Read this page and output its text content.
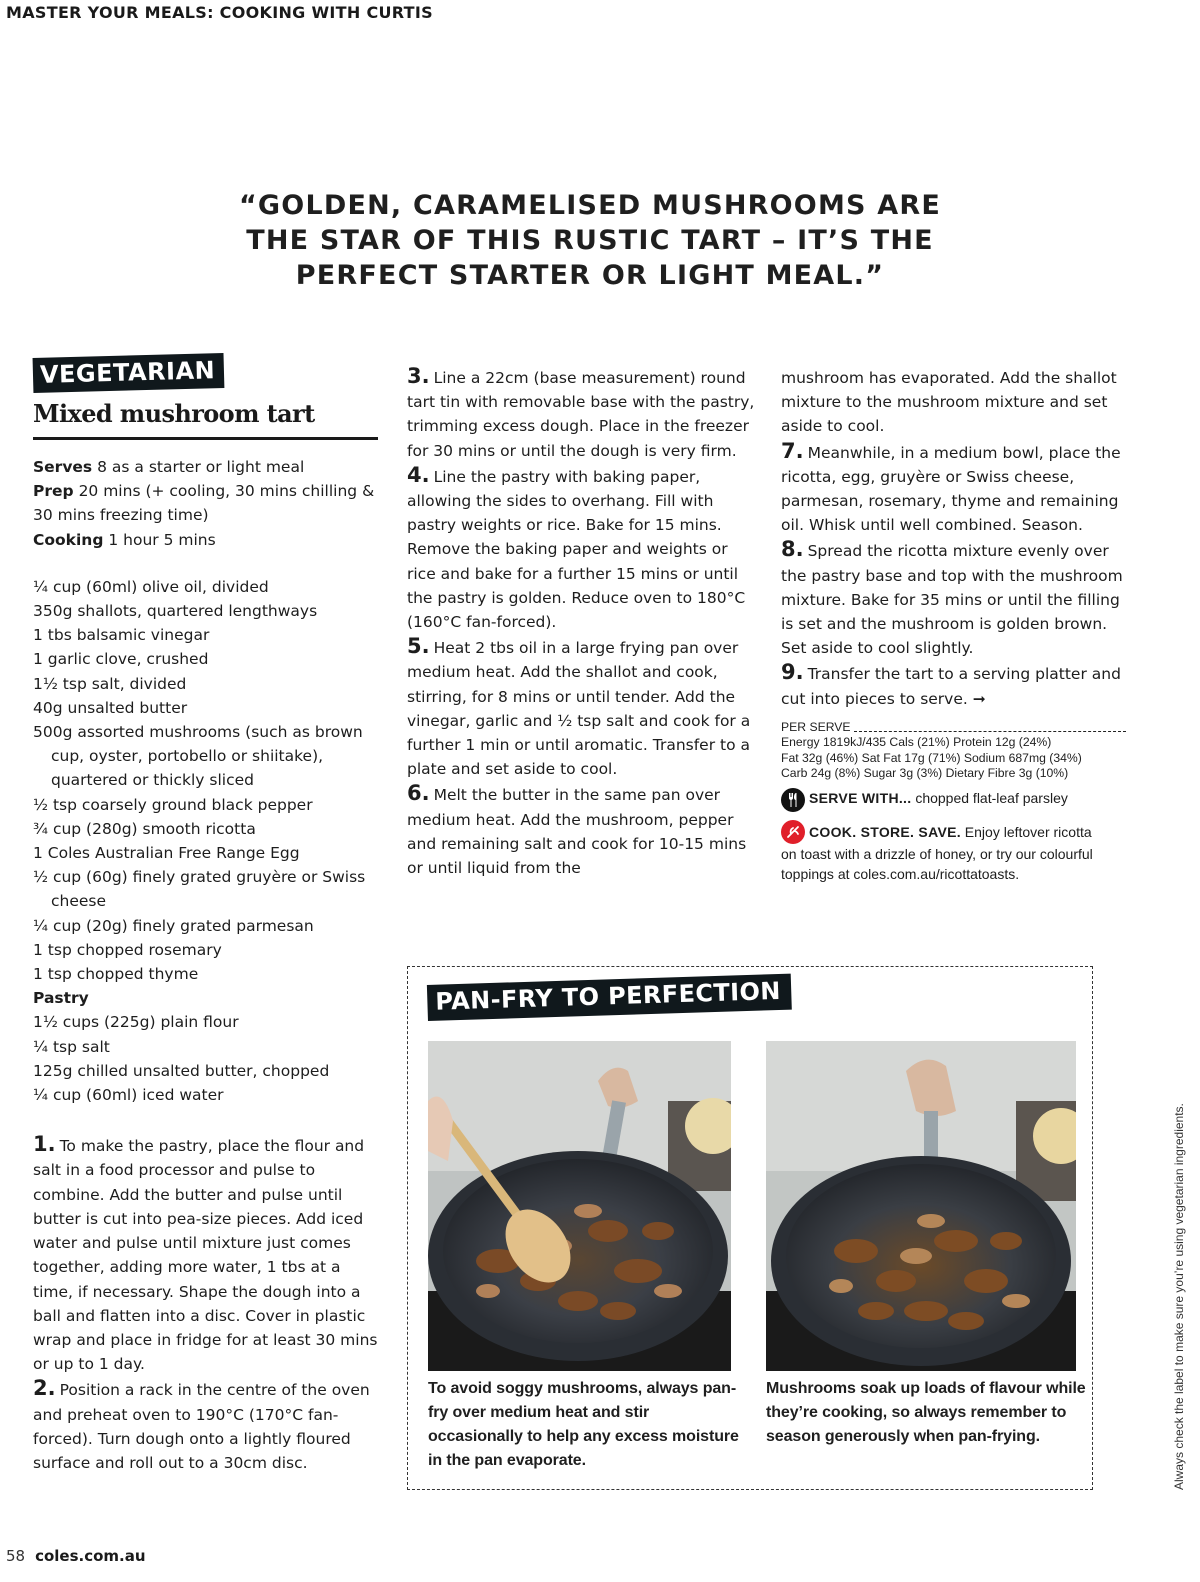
MASTER YOUR MEALS: COOKING WITH CURTIS
“GOLDEN, CARAMELISED MUSHROOMS ARE
THE STAR OF THIS RUSTIC TART – IT’S THE
PERFECT STARTER OR LIGHT MEAL.”
VEGETARIAN
Mixed mushroom tart
Serves 8 as a starter or light meal
Prep 20 mins (+ cooling, 30 mins chilling & 30 mins freezing time)
Cooking 1 hour 5 mins
¼ cup (60ml) olive oil, divided
350g shallots, quartered lengthways
1 tbs balsamic vinegar
1 garlic clove, crushed
1½ tsp salt, divided
40g unsalted butter
500g assorted mushrooms (such as brown cup, oyster, portobello or shiitake), quartered or thickly sliced
½ tsp coarsely ground black pepper
¾ cup (280g) smooth ricotta
1 Coles Australian Free Range Egg
½ cup (60g) finely grated gruyère or Swiss cheese
¼ cup (20g) finely grated parmesan
1 tsp chopped rosemary
1 tsp chopped thyme
Pastry
1½ cups (225g) plain flour
¼ tsp salt
125g chilled unsalted butter, chopped
¼ cup (60ml) iced water
1. To make the pastry, place the flour and salt in a food processor and pulse to combine. Add the butter and pulse until butter is cut into pea-size pieces. Add iced water and pulse until mixture just comes together, adding more water, 1 tbs at a time, if necessary. Shape the dough into a ball and flatten into a disc. Cover in plastic wrap and place in fridge for at least 30 mins or up to 1 day.
2. Position a rack in the centre of the oven and preheat oven to 190°C (170°C fan-forced). Turn dough onto a lightly floured surface and roll out to a 30cm disc.
3. Line a 22cm (base measurement) round tart tin with removable base with the pastry, trimming excess dough. Place in the freezer for 30 mins or until the dough is very firm.
4. Line the pastry with baking paper, allowing the sides to overhang. Fill with pastry weights or rice. Bake for 15 mins. Remove the baking paper and weights or rice and bake for a further 15 mins or until the pastry is golden. Reduce oven to 180°C (160°C fan-forced).
5. Heat 2 tbs oil in a large frying pan over medium heat. Add the shallot and cook, stirring, for 8 mins or until tender. Add the vinegar, garlic and ½ tsp salt and cook for a further 1 min or until aromatic. Transfer to a plate and set aside to cool.
6. Melt the butter in the same pan over medium heat. Add the mushroom, pepper and remaining salt and cook for 10-15 mins or until liquid from the
mushroom has evaporated. Add the shallot mixture to the mushroom mixture and set aside to cool.
7. Meanwhile, in a medium bowl, place the ricotta, egg, gruyère or Swiss cheese, parmesan, rosemary, thyme and remaining oil. Whisk until well combined. Season.
8. Spread the ricotta mixture evenly over the pastry base and top with the mushroom mixture. Bake for 35 mins or until the filling is set and the mushroom is golden brown. Set aside to cool slightly.
9. Transfer the tart to a serving platter and cut into pieces to serve. ➞
PER SERVE
Energy 1819kJ/435 Cals (21%) Protein 12g (24%)
Fat 32g (46%) Sat Fat 17g (71%) Sodium 687mg (34%)
Carb 24g (8%) Sugar 3g (3%) Dietary Fibre 3g (10%)
SERVE WITH... chopped flat-leaf parsley
COOK. STORE. SAVE. Enjoy leftover ricotta
on toast with a drizzle of honey, or try our colourful toppings at coles.com.au/ricottatoasts.
PAN-FRY TO PERFECTION
To avoid soggy mushrooms, always pan-fry over medium heat and stir occasionally to help any excess moisture in the pan evaporate.
Mushrooms soak up loads of flavour while they’re cooking, so always remember to season generously when pan-frying.	Always check the label to make sure you’re using vegetarian ingredients.
58 coles.com.au
